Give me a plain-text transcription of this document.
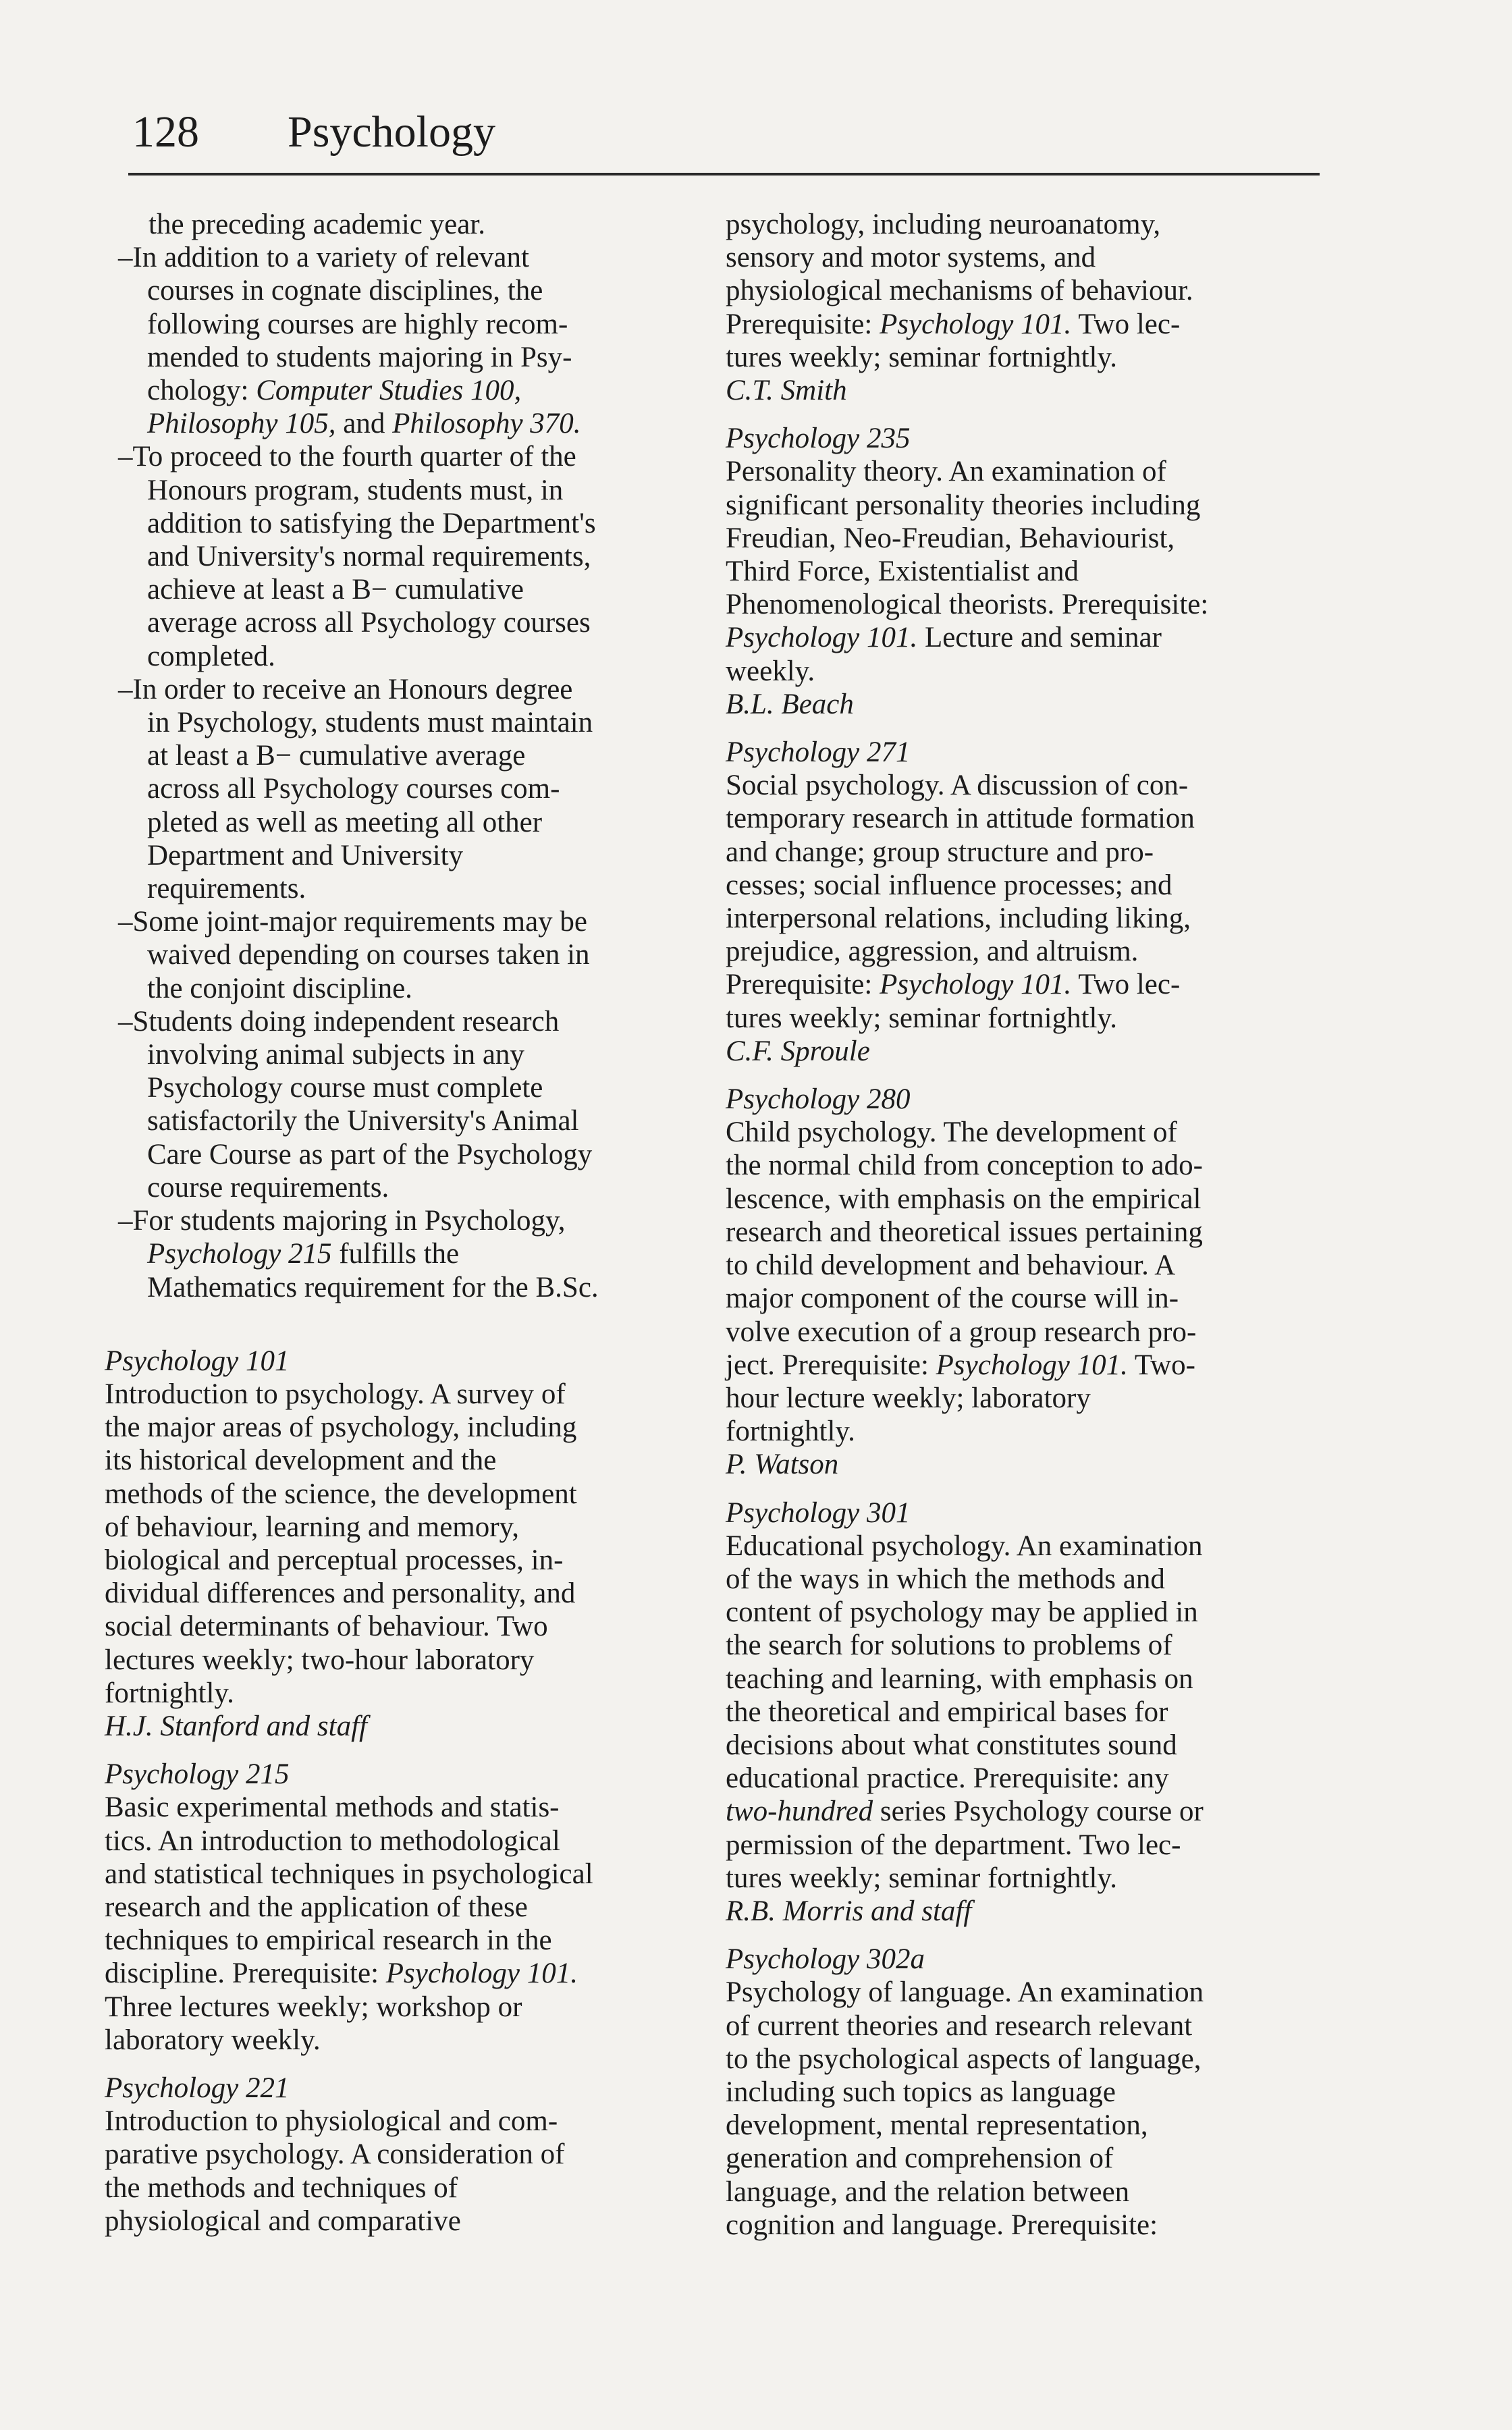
128 Psychology
the preceding academic year.
–In addition to a variety of relevant
courses in cognate disciplines, the
following courses are highly recom-
mended to students majoring in Psy-
chology: Computer Studies 100,
Philosophy 105, and Philosophy 370.
–To proceed to the fourth quarter of the
Honours program, students must, in
addition to satisfying the Department's
and University's normal requirements,
achieve at least a B− cumulative
average across all Psychology courses
completed.
–In order to receive an Honours degree
in Psychology, students must maintain
at least a B− cumulative average
across all Psychology courses com-
pleted as well as meeting all other
Department and University
requirements.
–Some joint-major requirements may be
waived depending on courses taken in
the conjoint discipline.
–Students doing independent research
involving animal subjects in any
Psychology course must complete
satisfactorily the University's Animal
Care Course as part of the Psychology
course requirements.
–For students majoring in Psychology,
Psychology 215 fulfills the
Mathematics requirement for the B.Sc.
Psychology 101
Introduction to psychology. A survey of
the major areas of psychology, including
its historical development and the
methods of the science, the development
of behaviour, learning and memory,
biological and perceptual processes, in-
dividual differences and personality, and
social determinants of behaviour. Two
lectures weekly; two-hour laboratory
fortnightly.
H.J. Stanford and staff
Psychology 215
Basic experimental methods and statis-
tics. An introduction to methodological
and statistical techniques in psychological
research and the application of these
techniques to empirical research in the
discipline. Prerequisite: Psychology 101.
Three lectures weekly; workshop or
laboratory weekly.
Psychology 221
Introduction to physiological and com-
parative psychology. A consideration of
the methods and techniques of
physiological and comparative
psychology, including neuroanatomy,
sensory and motor systems, and
physiological mechanisms of behaviour.
Prerequisite: Psychology 101. Two lec-
tures weekly; seminar fortnightly.
C.T. Smith
Psychology 235
Personality theory. An examination of
significant personality theories including
Freudian, Neo-Freudian, Behaviourist,
Third Force, Existentialist and
Phenomenological theorists. Prerequisite:
Psychology 101. Lecture and seminar
weekly.
B.L. Beach
Psychology 271
Social psychology. A discussion of con-
temporary research in attitude formation
and change; group structure and pro-
cesses; social influence processes; and
interpersonal relations, including liking,
prejudice, aggression, and altruism.
Prerequisite: Psychology 101. Two lec-
tures weekly; seminar fortnightly.
C.F. Sproule
Psychology 280
Child psychology. The development of
the normal child from conception to ado-
lescence, with emphasis on the empirical
research and theoretical issues pertaining
to child development and behaviour. A
major component of the course will in-
volve execution of a group research pro-
ject. Prerequisite: Psychology 101. Two-
hour lecture weekly; laboratory
fortnightly.
P. Watson
Psychology 301
Educational psychology. An examination
of the ways in which the methods and
content of psychology may be applied in
the search for solutions to problems of
teaching and learning, with emphasis on
the theoretical and empirical bases for
decisions about what constitutes sound
educational practice. Prerequisite: any
two-hundred series Psychology course or
permission of the department. Two lec-
tures weekly; seminar fortnightly.
R.B. Morris and staff
Psychology 302a
Psychology of language. An examination
of current theories and research relevant
to the psychological aspects of language,
including such topics as language
development, mental representation,
generation and comprehension of
language, and the relation between
cognition and language. Prerequisite:
